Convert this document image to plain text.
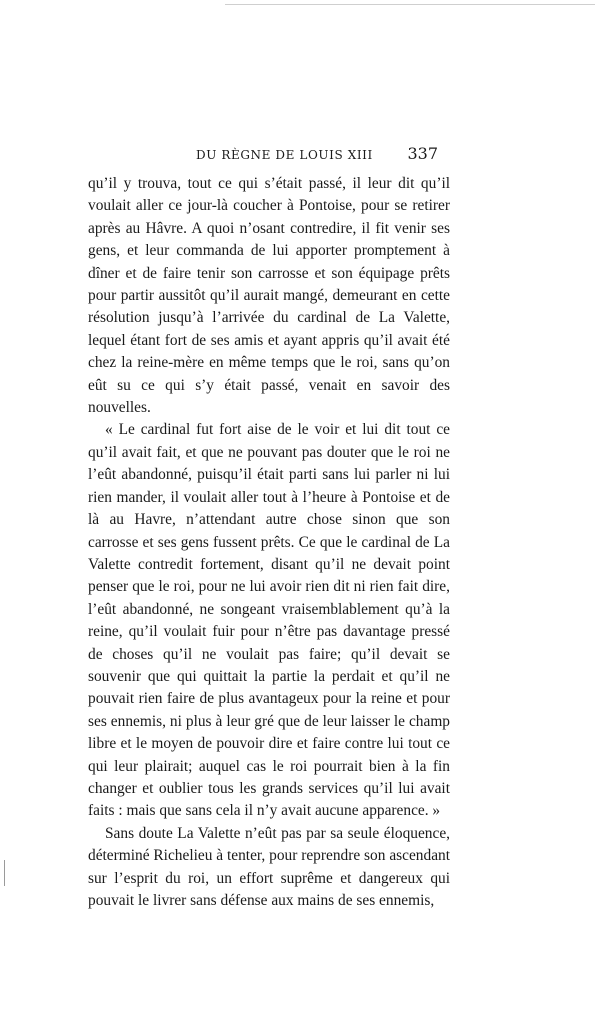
DU RÈGNE DE LOUIS XIII 337

qu’il y trouva, tout ce qui s’était passé, il leur dit qu’il voulait aller ce jour-là coucher à Pontoise, pour se retirer après au Hâvre. A quoi n’osant contredire, il fit venir ses gens, et leur commanda de lui apporter promptement à dîner et de faire tenir son carrosse et son équipage prêts pour partir aussitôt qu’il aurait mangé, demeurant en cette résolution jusqu’à l’arrivée du cardinal de La Valette, lequel étant fort de ses amis et ayant appris qu’il avait été chez la reine-mère en même temps que le roi, sans qu’on eût su ce qui s’y était passé, venait en savoir des nouvelles.

« Le cardinal fut fort aise de le voir et lui dit tout ce qu’il avait fait, et que ne pouvant pas douter que le roi ne l’eût abandonné, puisqu’il était parti sans lui parler ni lui rien mander, il voulait aller tout à l’heure à Pontoise et de là au Havre, n’attendant autre chose sinon que son carrosse et ses gens fussent prêts. Ce que le cardinal de La Valette contredit fortement, disant qu’il ne devait point penser que le roi, pour ne lui avoir rien dit ni rien fait dire, l’eût abandonné, ne songeant vraisemblablement qu’à la reine, qu’il voulait fuir pour n’être pas davantage pressé de choses qu’il ne voulait pas faire; qu’il devait se souvenir que qui quittait la partie la perdait et qu’il ne pouvait rien faire de plus avantageux pour la reine et pour ses ennemis, ni plus à leur gré que de leur laisser le champ libre et le moyen de pouvoir dire et faire contre lui tout ce qui leur plairait; auquel cas le roi pourrait bien à la fin changer et oublier tous les grands services qu’il lui avait faits : mais que sans cela il n’y avait aucune apparence. »

Sans doute La Valette n’eût pas par sa seule éloquence, déterminé Richelieu à tenter, pour reprendre son ascendant sur l’esprit du roi, un effort suprême et dangereux qui pouvait le livrer sans défense aux mains de ses ennemis,
